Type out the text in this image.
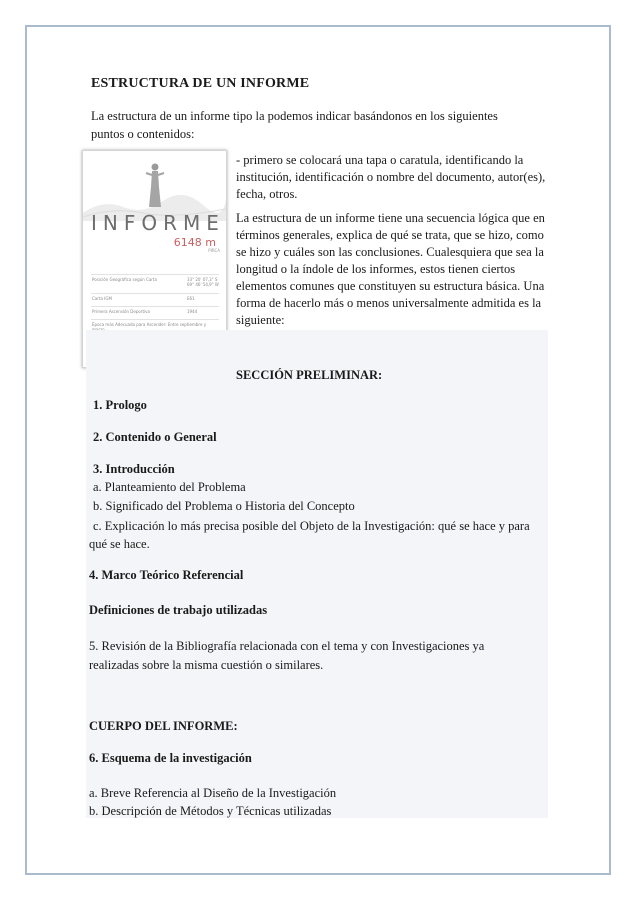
ESTRUCTURA DE UN INFORME

La estructura de un informe tipo la podemos indicar basándonos en los siguientes puntos o contenidos:

INFORME
6148 m
PIRCA
Posición Geográfica según Carta	33° 20' 07,3" S 69° 46' 54,9" W
Carta IGM	E61
Primera Ascensión Deportiva	1944
Época más Adecuada para Ascender: Entre septiembre y

- primero se colocará una tapa o caratula, identificando la institución, identificación o nombre del documento, autor(es), fecha, otros.

La estructura de un informe tiene una secuencia lógica que en términos generales, explica de qué se trata, que se hizo, como se hizo y cuáles son las conclusiones. Cualesquiera que sea la longitud o la índole de los informes, estos tienen ciertos elementos comunes que constituyen su estructura básica. Una forma de hacerlo más o menos universalmente admitida es la siguiente:

SECCIÓN PRELIMINAR:
1. Prologo
2. Contenido o General
3. Introducción
a. Planteamiento del Problema
b. Significado del Problema o Historia del Concepto
c. Explicación lo más precisa posible del Objeto de la Investigación: qué se hace y para
qué se hace.
4. Marco Teórico Referencial
Definiciones de trabajo utilizadas
5. Revisión de la Bibliografía relacionada con el tema y con Investigaciones ya
realizadas sobre la misma cuestión o similares.
CUERPO DEL INFORME:
6. Esquema de la investigación
a. Breve Referencia al Diseño de la Investigación
b. Descripción de Métodos y Técnicas utilizadas
